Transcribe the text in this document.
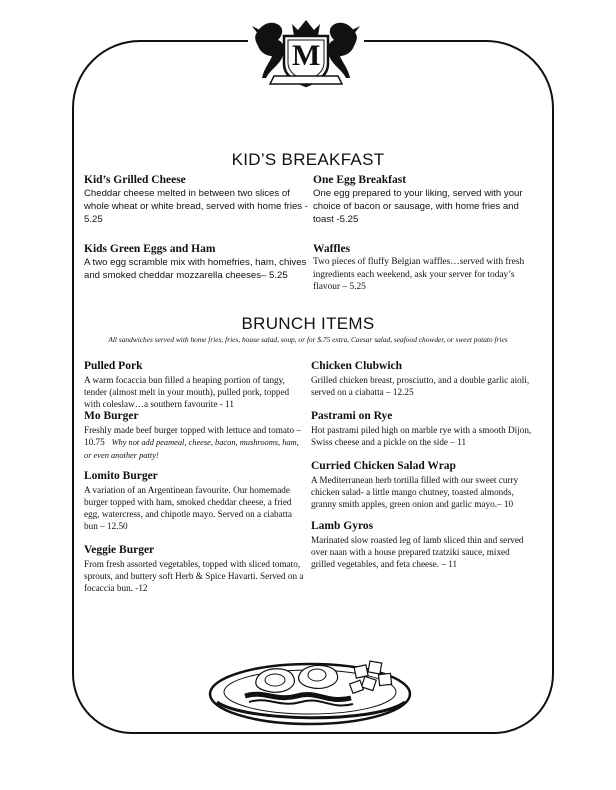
M
KID’S BREAKFAST
Kid’s Grilled Cheese
Cheddar cheese melted in between two slices of whole wheat or white bread, served with home fries - 5.25
One Egg Breakfast
One egg prepared to your liking, served with your choice of bacon or sausage, with home fries and toast -5.25
Kids Green Eggs and Ham
A two egg scramble mix with homefries, ham, chives and smoked cheddar mozzarella cheeses– 5.25
Waffles
Two pieces of fluffy Belgian waffles…served with fresh ingredients each weekend, ask your server for today’s flavour – 5.25
BRUNCH ITEMS
All sandwiches served with home fries, fries, house salad, soup, or for $.75 extra, Caesar salad, seafood chowder, or sweet potato fries
Pulled Pork
A warm focaccia bun filled a heaping portion of tangy, tender (almost melt in your mouth), pulled pork, topped with coleslaw…a southern favourite - 11
Chicken Clubwich
Grilled chicken breast, prosciutto, and a double garlic aioli, served on a ciabatta – 12.25
Mo Burger
Freshly made beef burger topped with lettuce and tomato – 10.75 Why not add peameal, cheese, bacon, mushrooms, ham, or even another patty!
Pastrami on Rye
Hot pastrami piled high on marble rye with a smooth Dijon, Swiss cheese and a pickle on the side – 11
Curried Chicken Salad Wrap
A Mediterranean herb tortilla filled with our sweet curry chicken salad- a little mango chutney, toasted almonds, granny smith apples, green onion and garlic mayo.– 10
Lomito Burger
A variation of an Argentinean favourite. Our homemade burger topped with ham, smoked cheddar cheese, a fried egg, watercress, and chipotle mayo. Served on a ciabatta bun – 12.50	Lamb Gyros
Marinated slow roasted leg of lamb sliced thin and served over naan with a house prepared tzatziki sauce, mixed grilled vegetables, and feta cheese. – 11
Veggie Burger
From fresh assorted vegetables, topped with sliced tomato, sprouts, and buttery soft Herb & Spice Havarti. Served on a focaccia bun. -12
